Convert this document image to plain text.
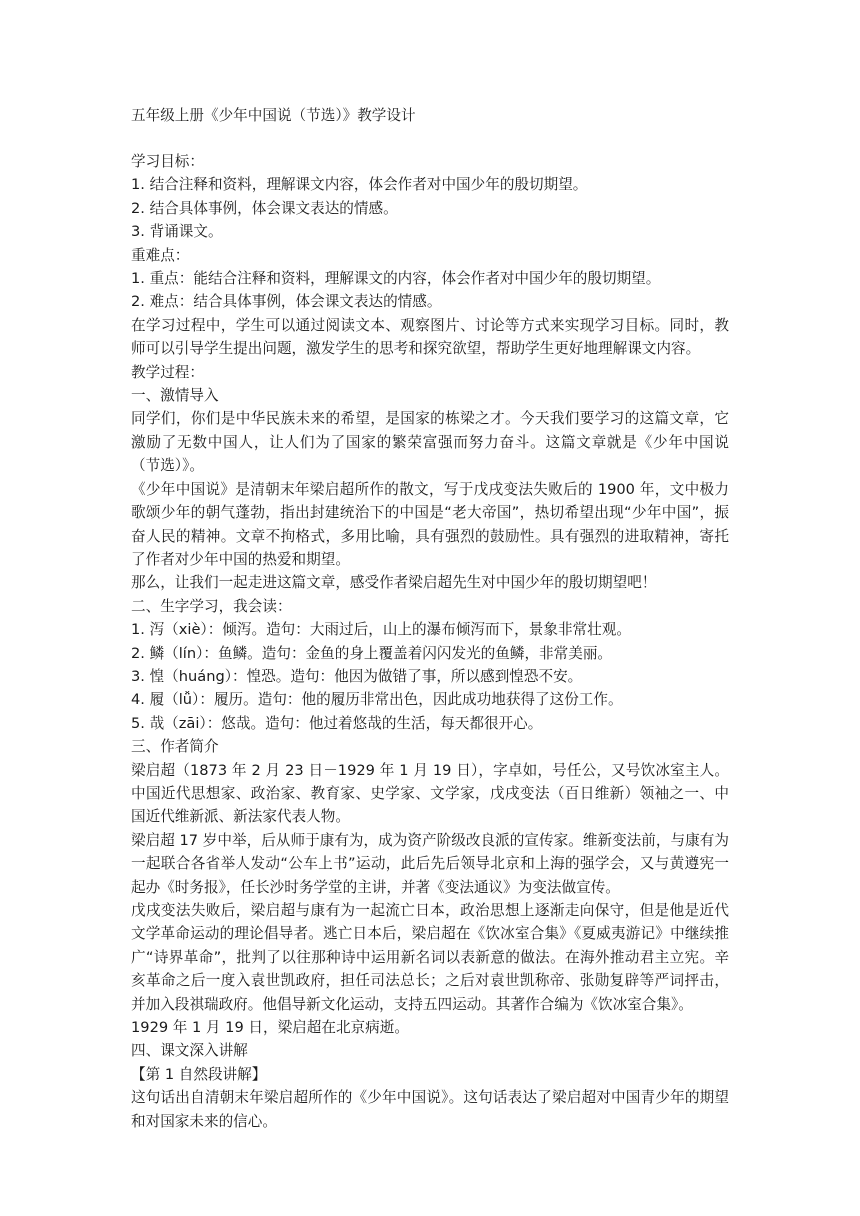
五年级上册《少年中国说（节选）》教学设计

学习目标：

1. 结合注释和资料，理解课文内容，体会作者对中国少年的殷切期望。

2. 结合具体事例，体会课文表达的情感。

3. 背诵课文。

重难点：

1. 重点：能结合注释和资料，理解课文的内容，体会作者对中国少年的殷切期望。

2. 难点：结合具体事例，体会课文表达的情感。

在学习过程中，学生可以通过阅读文本、观察图片、讨论等方式来实现学习目标。同时，教师可以引导学生提出问题，激发学生的思考和探究欲望，帮助学生更好地理解课文内容。

教学过程：

一、激情导入

同学们，你们是中华民族未来的希望，是国家的栋梁之才。今天我们要学习的这篇文章，它激励了无数中国人，让人们为了国家的繁荣富强而努力奋斗。这篇文章就是《少年中国说（节选）》。

《少年中国说》是清朝末年梁启超所作的散文，写于戊戌变法失败后的 1900 年，文中极力歌颂少年的朝气蓬勃，指出封建统治下的中国是“老大帝国”，热切希望出现“少年中国”，振奋人民的精神。文章不拘格式，多用比喻，具有强烈的鼓励性。具有强烈的进取精神，寄托了作者对少年中国的热爱和期望。

那么，让我们一起走进这篇文章，感受作者梁启超先生对中国少年的殷切期望吧！

二、生字学习，我会读：

1. 泻（xiè）：倾泻。造句：大雨过后，山上的瀑布倾泻而下，景象非常壮观。

2. 鳞（lín）：鱼鳞。造句：金鱼的身上覆盖着闪闪发光的鱼鳞，非常美丽。

3. 惶（huáng）：惶恐。造句：他因为做错了事，所以感到惶恐不安。

4. 履（lǚ）：履历。造句：他的履历非常出色，因此成功地获得了这份工作。

5. 哉（zāi）：悠哉。造句：他过着悠哉的生活，每天都很开心。

三、作者简介

梁启超（1873 年 2 月 23 日－1929 年 1 月 19 日），字卓如，号任公，又号饮冰室主人。中国近代思想家、政治家、教育家、史学家、文学家，戊戌变法（百日维新）领袖之一、中国近代维新派、新法家代表人物。

梁启超 17 岁中举，后从师于康有为，成为资产阶级改良派的宣传家。维新变法前，与康有为一起联合各省举人发动“公车上书”运动，此后先后领导北京和上海的强学会，又与黄遵宪一起办《时务报》，任长沙时务学堂的主讲，并著《变法通议》为变法做宣传。

戊戌变法失败后，梁启超与康有为一起流亡日本，政治思想上逐渐走向保守，但是他是近代文学革命运动的理论倡导者。逃亡日本后，梁启超在《饮冰室合集》《夏威夷游记》中继续推广“诗界革命”，批判了以往那种诗中运用新名词以表新意的做法。在海外推动君主立宪。辛亥革命之后一度入袁世凯政府，担任司法总长；之后对袁世凯称帝、张勋复辟等严词抨击，并加入段祺瑞政府。他倡导新文化运动，支持五四运动。其著作合编为《饮冰室合集》。

1929 年 1 月 19 日，梁启超在北京病逝。

四、课文深入讲解

【第 1 自然段讲解】

这句话出自清朝末年梁启超所作的《少年中国说》。这句话表达了梁启超对中国青少年的期望和对国家未来的信心。
